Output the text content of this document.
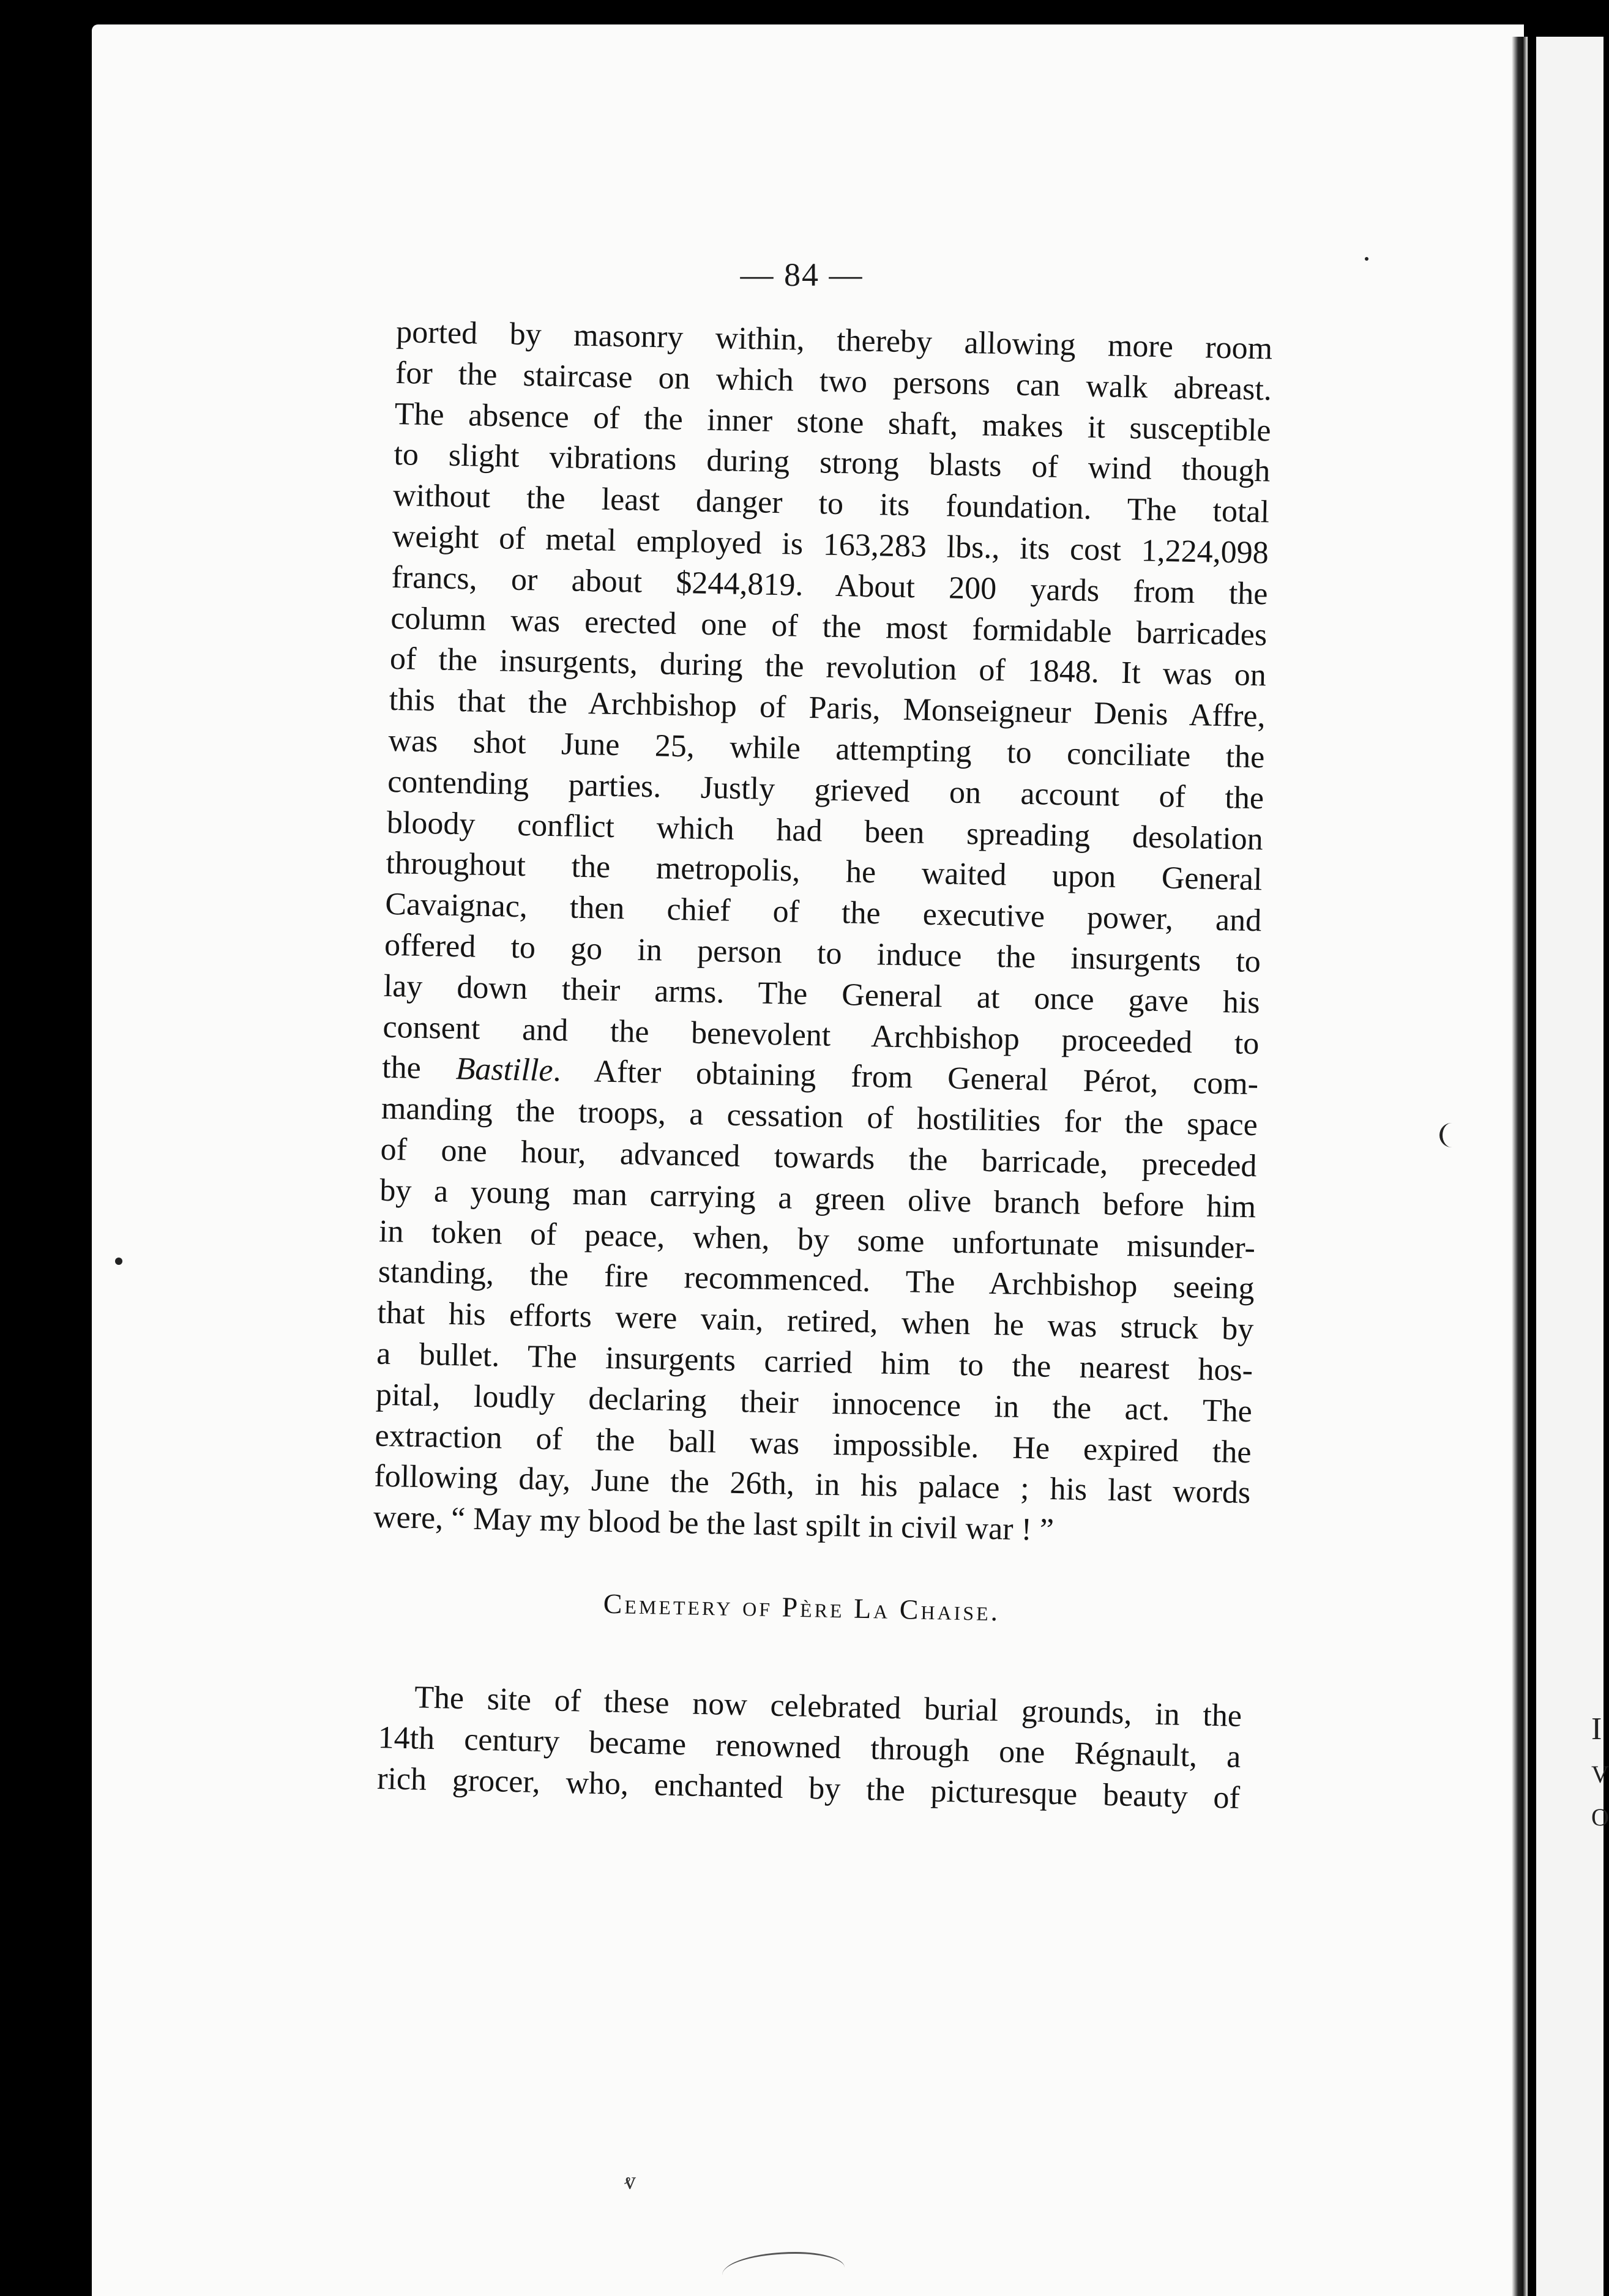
I
V
O
— 84 —
ported by masonry within, thereby allowing more room
for the staircase on which two persons can walk abreast.
The absence of the inner stone shaft, makes it susceptible
to slight vibrations during strong blasts of wind though
without the least danger to its foundation. The total
weight of metal employed is 163,283 lbs., its cost 1,224,098
francs, or about $244,819. About 200 yards from the
column was erected one of the most formidable barricades
of the insurgents, during the revolution of 1848. It was on
this that the Archbishop of Paris, Monseigneur Denis Affre,
was shot June 25, while attempting to conciliate the
contending parties. Justly grieved on account of the
bloody conflict which had been spreading desolation
throughout the metropolis, he waited upon General
Cavaignac, then chief of the executive power, and
offered to go in person to induce the insurgents to
lay down their arms. The General at once gave his
consent and the benevolent Archbishop proceeded to
the Bastille. After obtaining from General Pérot, com-
manding the troops, a cessation of hostilities for the space
of one hour, advanced towards the barricade, preceded
by a young man carrying a green olive branch before him
in token of peace, when, by some unfortunate misunder-
standing, the fire recommenced. The Archbishop seeing
that his efforts were vain, retired, when he was struck by
a bullet. The insurgents carried him to the nearest hos-
pital, loudly declaring their innocence in the act. The
extraction of the ball was impossible. He expired the
following day, June the 26th, in his palace ; his last words
were, “ May my blood be the last spilt in civil war ! ”
Cemetery of Père La Chaise.
The site of these now celebrated burial grounds, in the
14th century became renowned through one Régnault, a
rich grocer, who, enchanted by the picturesque beauty of
ⱴ
